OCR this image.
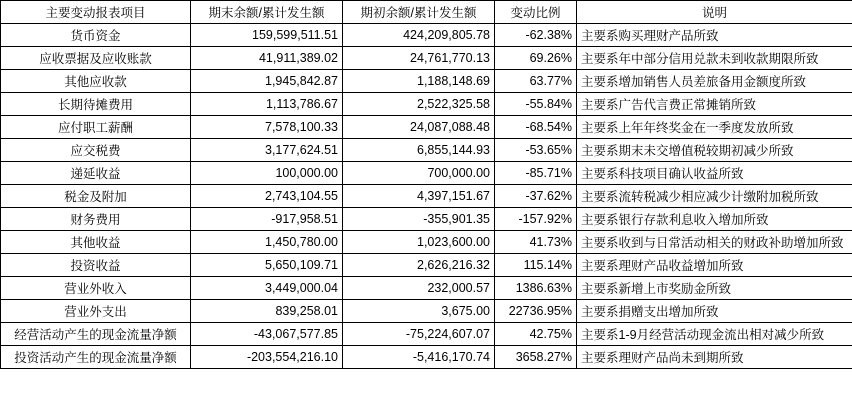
主要变动报表项目	期末余额/累计发生额	期初余额/累计发生额	变动比例	说明
货币资金	159,599,511.51	424,209,805.78	-62.38%	主要系购买理财产品所致
应收票据及应收账款	41,911,389.02	24,761,770.13	69.26%	主要系年中部分信用兑款未到收款期限所致
其他应收款	1,945,842.87	1,188,148.69	63.77%	主要系增加销售人员差旅备用金额度所致
长期待摊费用	1,113,786.67	2,522,325.58	-55.84%	主要系广告代言费正常摊销所致
应付职工薪酬	7,578,100.33	24,087,088.48	-68.54%	主要系上年年终奖金在一季度发放所致
应交税费	3,177,624.51	6,855,144.93	-53.65%	主要系期末未交增值税较期初减少所致
递延收益	100,000.00	700,000.00	-85.71%	主要系科技项目确认收益所致
税金及附加	2,743,104.55	4,397,151.67	-37.62%	主要系流转税减少相应减少计缴附加税所致
财务费用	-917,958.51	-355,901.35	-157.92%	主要系银行存款利息收入增加所致
其他收益	1,450,780.00	1,023,600.00	41.73%	主要系收到与日常活动相关的财政补助增加所致
投资收益	5,650,109.71	2,626,216.32	115.14%	主要系理财产品收益增加所致
营业外收入	3,449,000.04	232,000.57	1386.63%	主要系新增上市奖励金所致
营业外支出	839,258.01	3,675.00	22736.95%	主要系捐赠支出增加所致
经营活动产生的现金流量净额	-43,067,577.85	-75,224,607.07	42.75%	主要系1-9月经营活动现金流出相对减少所致
投资活动产生的现金流量净额	-203,554,216.10	-5,416,170.74	3658.27%	主要系理财产品尚未到期所致
